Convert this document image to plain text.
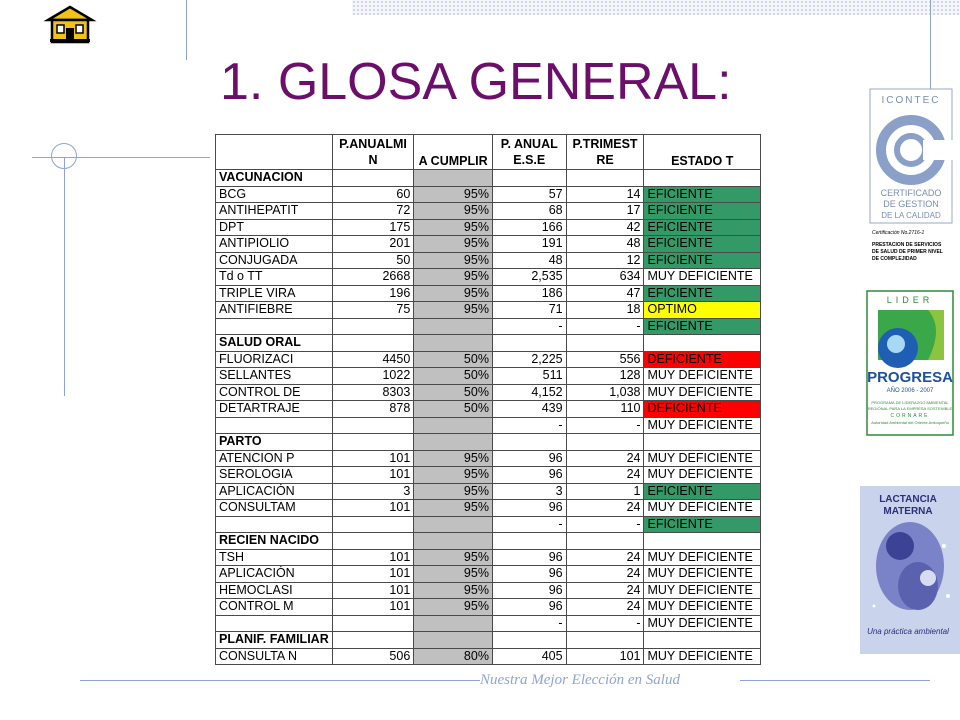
1. GLOSA GENERAL:
	P.ANUALMI N	A CUMPLIR	P. ANUAL E.S.E	P.TRIMEST RE	ESTADO T
VACUNACION					
BCG	60	95%	57	14	EFICIENTE
ANTIHEPATIT	72	95%	68	17	EFICIENTE
DPT	175	95%	166	42	EFICIENTE
ANTIPIOLIO	201	95%	191	48	EFICIENTE
CONJUGADA	50	95%	48	12	EFICIENTE
Td o TT	2668	95%	2,535	634	MUY DEFICIENTE
TRIPLE VIRA	196	95%	186	47	EFICIENTE
ANTIFIEBRE	75	95%	71	18	OPTIMO
			-	-	EFICIENTE
SALUD ORAL					
FLUORIZACI	4450	50%	2,225	556	DEFICIENTE
SELLANTES	1022	50%	511	128	MUY DEFICIENTE
CONTROL DE	8303	50%	4,152	1,038	MUY DEFICIENTE
DETARTRAJE	878	50%	439	110	DEFICIENTE
			-	-	MUY DEFICIENTE
PARTO					
ATENCION P	101	95%	96	24	MUY DEFICIENTE
SEROLOGIA	101	95%	96	24	MUY DEFICIENTE
APLICACIÓN	3	95%	3	1	EFICIENTE
CONSULTAM	101	95%	96	24	MUY DEFICIENTE
			-	-	EFICIENTE
RECIEN NACIDO					
TSH	101	95%	96	24	MUY DEFICIENTE
APLICACIÓN	101	95%	96	24	MUY DEFICIENTE
HEMOCLASI	101	95%	96	24	MUY DEFICIENTE
CONTROL M	101	95%	96	24	MUY DEFICIENTE
			-	-	MUY DEFICIENTE
PLANIF. FAMILIAR					
CONSULTA N	506	80%	405	101	MUY DEFICIENTE
Nuestra Mejor Elección en Salud
ICONTEC
CERTIFICADO
DE GESTION
DE LA CALIDAD
Certificación No.2716-1
PRESTACION DE SERVICIOS
DE SALUD DE PRIMER NIVEL
DE COMPLEJIDAD
LIDER
PROGRESA
AÑO 2006 - 2007
PROGRAMA DE LIDERAZGO AMBIENTAL
REGIONAL PARA LA EMPRESA SOSTENIBLE
CORNARE
Autoridad Ambiental del Oriente Antioqueño
LACTANCIA
MATERNA
Una práctica ambiental
